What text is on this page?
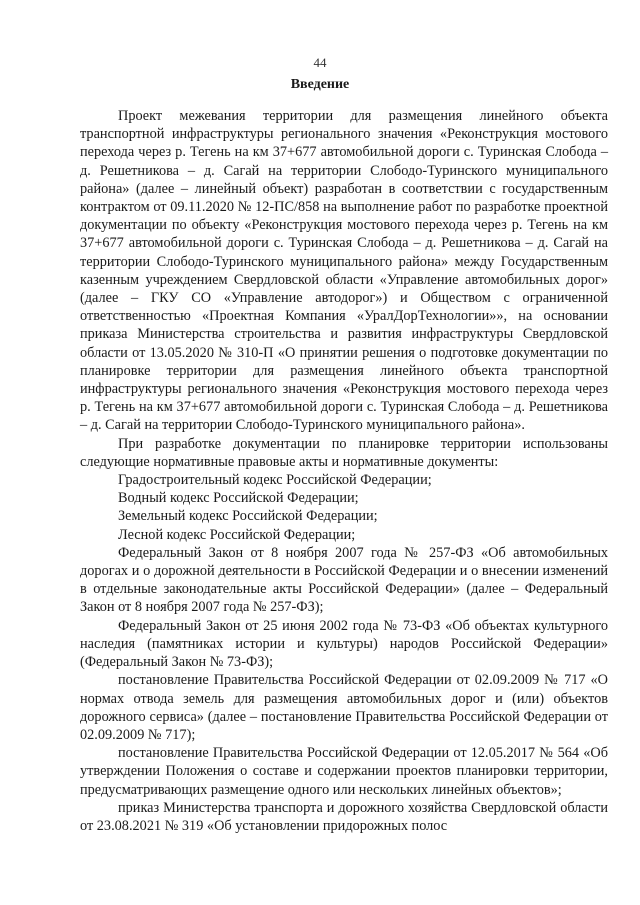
44
Введение

Проект межевания территории для размещения линейного объекта транспортной инфраструктуры регионального значения «Реконструкция мостового перехода через р. Тегень на км 37+677 автомобильной дороги с. Туринская Слобода – д. Решетникова – д. Сагай на территории Слободо-Туринского муниципального района» (далее – линейный объект) разработан в соответствии с государственным контрактом от 09.11.2020 № 12-ПС/858 на выполнение работ по разработке проектной документации по объекту «Реконструкция мостового перехода через р. Тегень на км 37+677 автомобильной дороги с. Туринская Слобода – д. Решетникова – д. Сагай на территории Слободо-Туринского муниципального района» между Государственным казенным учреждением Свердловской области «Управление автомобильных дорог» (далее – ГКУ СО «Управление автодорог») и Обществом с ограниченной ответственностью «Проектная Компания «УралДорТехнологии»», на основании приказа Министерства строительства и развития инфраструктуры Свердловской области от 13.05.2020 № 310-П «О принятии решения о подготовке документации по планировке территории для размещения линейного объекта транспортной инфраструктуры регионального значения «Реконструкция мостового перехода через р. Тегень на км 37+677 автомобильной дороги с. Туринская Слобода – д. Решетникова – д. Сагай на территории Слободо-Туринского муниципального района».

При разработке документации по планировке территории использованы следующие нормативные правовые акты и нормативные документы:

Градостроительный кодекс Российской Федерации;

Водный кодекс Российской Федерации;

Земельный кодекс Российской Федерации;

Лесной кодекс Российской Федерации;

Федеральный Закон от 8 ноября 2007 года № 257-ФЗ «Об автомобильных дорогах и о дорожной деятельности в Российской Федерации и о внесении изменений в отдельные законодательные акты Российской Федерации» (далее – Федеральный Закон от 8 ноября 2007 года № 257-ФЗ);

Федеральный Закон от 25 июня 2002 года № 73-ФЗ «Об объектах культурного наследия (памятниках истории и культуры) народов Российской Федерации» (Федеральный Закон № 73-ФЗ);

постановление Правительства Российской Федерации от 02.09.2009 № 717 «О нормах отвода земель для размещения автомобильных дорог и (или) объектов дорожного сервиса» (далее – постановление Правительства Российской Федерации от 02.09.2009 № 717);

постановление Правительства Российской Федерации от 12.05.2017 № 564 «Об утверждении Положения о составе и содержании проектов планировки территории, предусматривающих размещение одного или нескольких линейных объектов»;

приказ Министерства транспорта и дорожного хозяйства Свердловской области от 23.08.2021 № 319 «Об установлении придорожных полос
